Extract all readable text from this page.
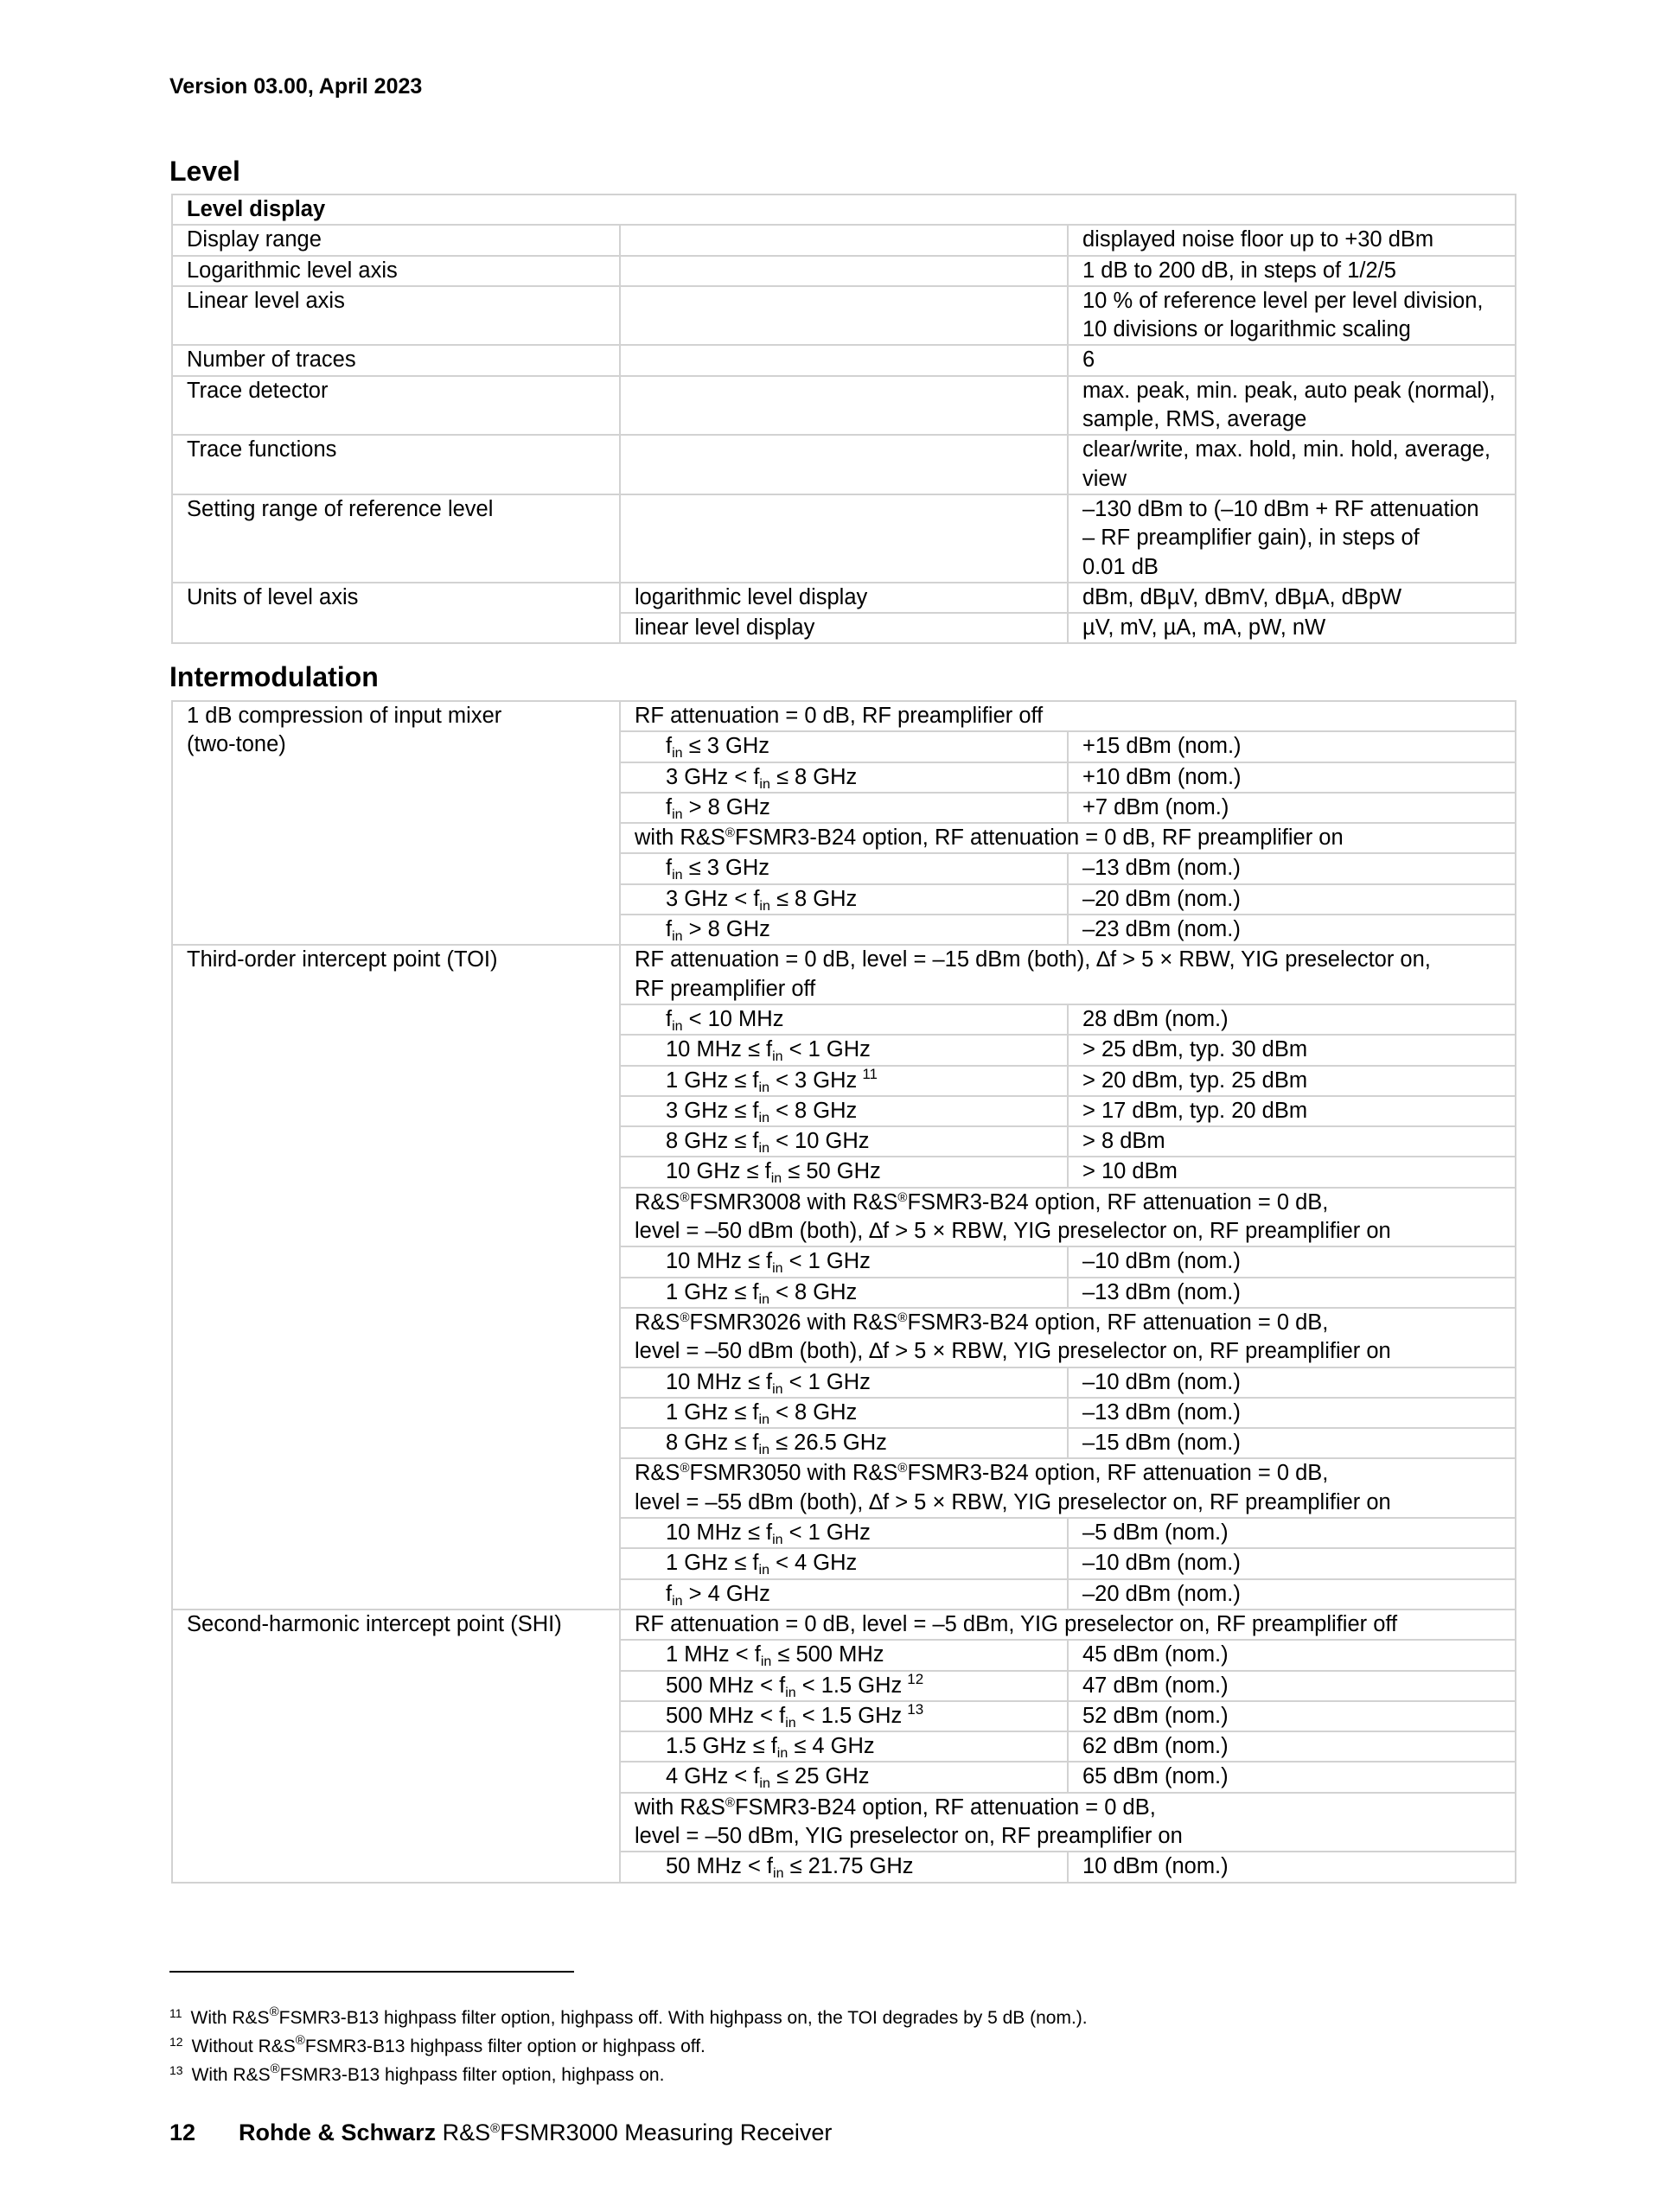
Version 03.00, April 2023
Level
Level display		
Display range		displayed noise floor up to +30 dBm
Logarithmic level axis		1 dB to 200 dB, in steps of 1/2/5
Linear level axis		10 % of reference level per level division,
10 divisions or logarithmic scaling
Number of traces		6
Trace detector		max. peak, min. peak, auto peak (normal),
sample, RMS, average
Trace functions		clear/write, max. hold, min. hold, average,
view
Setting range of reference level		–130 dBm to (–10 dBm + RF attenuation
– RF preamplifier gain), in steps of
0.01 dB
Units of level axis	logarithmic level display	dBm, dBµV, dBmV, dBµA, dBpW
	linear level display	µV, mV, µA, mA, pW, nW
Intermodulation
1 dB compression of input mixer
(two-tone)	RF attenuation = 0 dB, RF preamplifier off	
	$f_{in} \le 3$ GHz	+15 dBm (nom.)
	3 GHz < $f_{in} \le 8$ GHz	+10 dBm (nom.)
	$f_{in} > 8$ GHz	+7 dBm (nom.)
	with R&S®FSMR3-B24 option, RF attenuation = 0 dB, RF preamplifier on	
	$f_{in} \le 3$ GHz	–13 dBm (nom.)
	3 GHz < $f_{in} \le 8$ GHz	–20 dBm (nom.)
	$f_{in} > 8$ GHz	–23 dBm (nom.)
Third-order intercept point (TOI)	RF attenuation = 0 dB, level = –15 dBm (both), ∆f > 5 × RBW, YIG preselector on,
RF preamplifier off	
	$f_{in} < 10$ MHz	28 dBm (nom.)
	10 MHz ≤ $f_{in} < 1$ GHz	> 25 dBm, typ. 30 dBm
	1 GHz ≤ $f_{in} < 3$ GHz $^{11}$	> 20 dBm, typ. 25 dBm
	3 GHz ≤ $f_{in} < 8$ GHz	> 17 dBm, typ. 20 dBm
	8 GHz ≤ $f_{in} < 10$ GHz	> 8 dBm
	10 GHz ≤ $f_{in} \le 50$ GHz	> 10 dBm
	R&S®FSMR3008 with R&S®FSMR3-B24 option, RF attenuation = 0 dB,
level = –50 dBm (both), ∆f > 5 × RBW, YIG preselector on, RF preamplifier on	
	10 MHz ≤ $f_{in} < 1$ GHz	–10 dBm (nom.)
	1 GHz ≤ $f_{in} < 8$ GHz	–13 dBm (nom.)
	R&S®FSMR3026 with R&S®FSMR3-B24 option, RF attenuation = 0 dB,
level = –50 dBm (both), ∆f > 5 × RBW, YIG preselector on, RF preamplifier on	
	10 MHz ≤ $f_{in} < 1$ GHz	–10 dBm (nom.)
	1 GHz ≤ $f_{in} < 8$ GHz	–13 dBm (nom.)
	8 GHz ≤ $f_{in} \le 26.5$ GHz	–15 dBm (nom.)
	R&S®FSMR3050 with R&S®FSMR3-B24 option, RF attenuation = 0 dB,
level = –55 dBm (both), ∆f > 5 × RBW, YIG preselector on, RF preamplifier on	
	10 MHz ≤ $f_{in} < 1$ GHz	–5 dBm (nom.)
	1 GHz ≤ $f_{in} < 4$ GHz	–10 dBm (nom.)
	$f_{in} > 4$ GHz	–20 dBm (nom.)
Second-harmonic intercept point (SHI)	RF attenuation = 0 dB, level = –5 dBm, YIG preselector on, RF preamplifier off	
	1 MHz < $f_{in} \le 500$ MHz	45 dBm (nom.)
	500 MHz < $f_{in} < 1.5$ GHz $^{12}$	47 dBm (nom.)
	500 MHz < $f_{in} < 1.5$ GHz $^{13}$	52 dBm (nom.)
	1.5 GHz ≤ $f_{in} \le 4$ GHz	62 dBm (nom.)
	4 GHz < $f_{in} \le 25$ GHz	65 dBm (nom.)
	with R&S®FSMR3-B24 option, RF attenuation = 0 dB,
level = –50 dBm, YIG preselector on, RF preamplifier on	
	50 MHz < $f_{in} \le 21.75$ GHz	10 dBm (nom.)
$^{11}$ With R&S®FSMR3-B13 highpass filter option, highpass off. With highpass on, the TOI degrades by 5 dB (nom.).
$^{12}$ Without R&S®FSMR3-B13 highpass filter option or highpass off.
$^{13}$ With R&S®FSMR3-B13 highpass filter option, highpass on.
12 Rohde & Schwarz R&S®FSMR3000 Measuring Receiver
